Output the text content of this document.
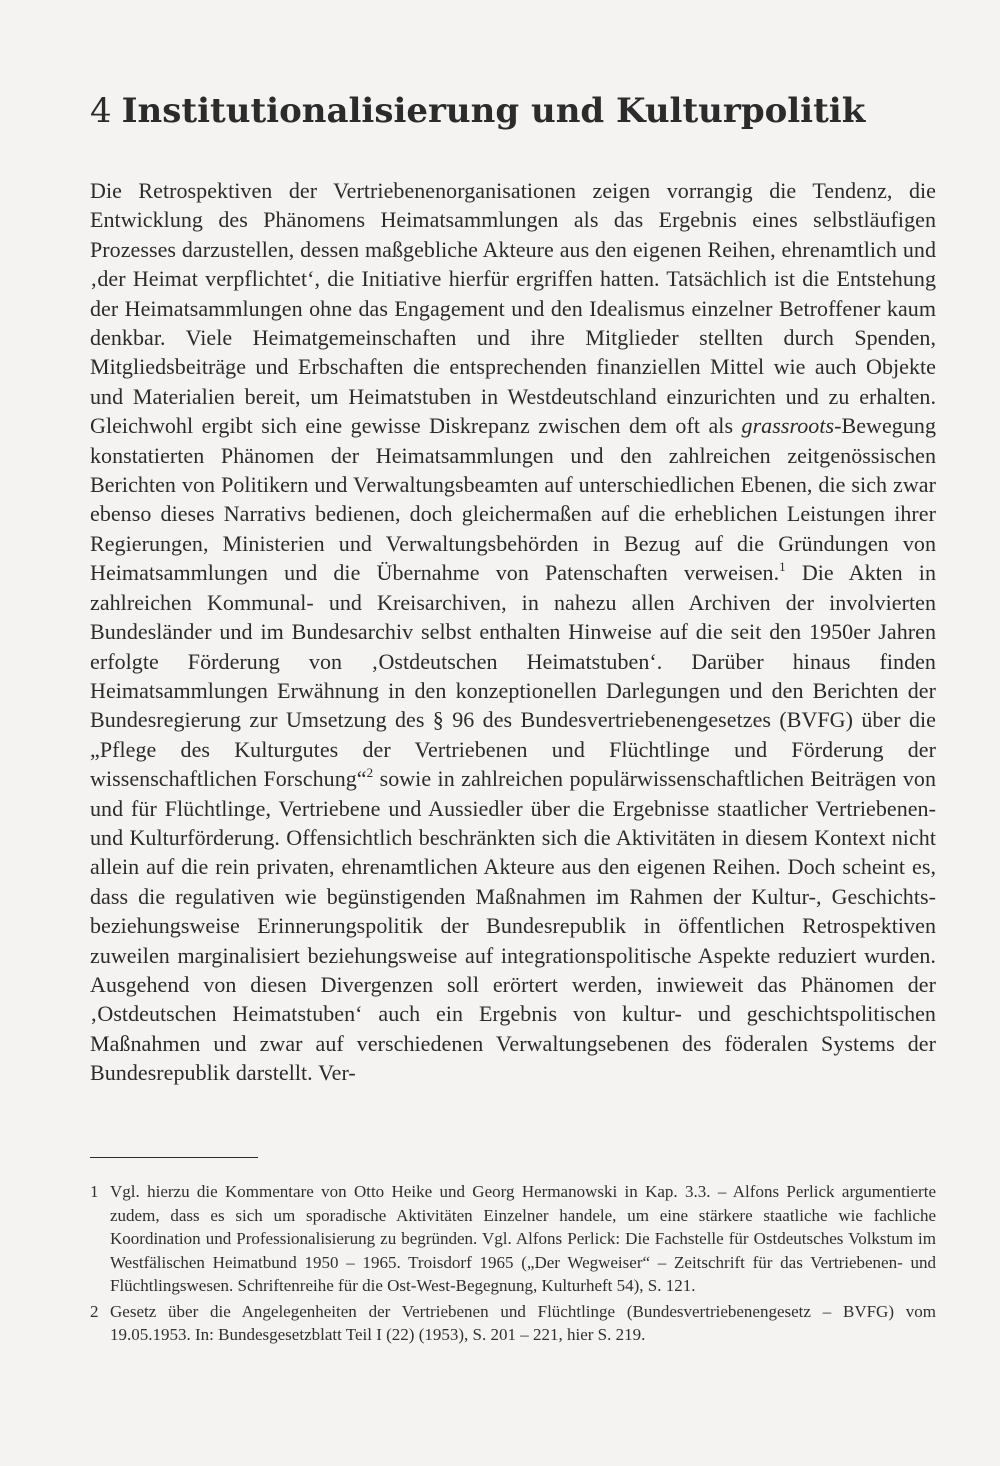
4 Institutionalisierung und Kulturpolitik

Die Retrospektiven der Vertriebenenorganisationen zeigen vorrangig die Tendenz, die Entwicklung des Phänomens Heimatsammlungen als das Ergebnis eines selbstläufigen Prozesses darzustellen, dessen maßgebliche Akteure aus den eigenen Reihen, ehrenamtlich und ‚der Heimat verpflichtet‘, die Initiative hierfür ergriffen hatten. Tatsächlich ist die Entstehung der Heimatsammlungen ohne das Engagement und den Idealismus einzelner Betroffener kaum denkbar. Viele Heimatgemeinschaften und ihre Mitglieder stellten durch Spenden, Mitgliedsbeiträge und Erbschaften die entsprechenden finanziellen Mittel wie auch Objekte und Materialien bereit, um Heimatstuben in Westdeutschland einzurichten und zu erhalten. Gleichwohl ergibt sich eine gewisse Diskrepanz zwischen dem oft als grassroots-Bewegung konstatierten Phänomen der Heimatsammlungen und den zahlreichen zeitgenössischen Berichten von Politikern und Verwaltungsbeamten auf unterschiedlichen Ebenen, die sich zwar ebenso dieses Narrativs bedienen, doch gleichermaßen auf die erheblichen Leistungen ihrer Regierungen, Ministerien und Verwaltungsbehörden in Bezug auf die Gründungen von Heimatsammlungen und die Übernahme von Patenschaften verweisen.$^1$ Die Akten in zahlreichen Kommunal- und Kreisarchiven, in nahezu allen Archiven der involvierten Bundesländer und im Bundesarchiv selbst enthalten Hinweise auf die seit den 1950er Jahren erfolgte Förderung von ‚Ostdeutschen Heimatstuben‘. Darüber hinaus finden Heimatsammlungen Erwähnung in den konzeptionellen Darlegungen und den Berichten der Bundesregierung zur Umsetzung des § 96 des Bundesvertriebenengesetzes (BVFG) über die „Pflege des Kulturgutes der Vertriebenen und Flüchtlinge und Förderung der wissenschaftlichen Forschung“$^2$ sowie in zahlreichen populärwissenschaftlichen Beiträgen von und für Flüchtlinge, Vertriebene und Aussiedler über die Ergebnisse staatlicher Vertriebenen- und Kulturförderung. Offensichtlich beschränkten sich die Aktivitäten in diesem Kontext nicht allein auf die rein privaten, ehrenamtlichen Akteure aus den eigenen Reihen. Doch scheint es, dass die regulativen wie begünstigenden Maßnahmen im Rahmen der Kultur-, Geschichts- beziehungsweise Erinnerungspolitik der Bundesrepublik in öffentlichen Retrospektiven zuweilen marginalisiert beziehungsweise auf integrationspolitische Aspekte reduziert wurden. Ausgehend von diesen Divergenzen soll erörtert werden, inwieweit das Phänomen der ‚Ostdeutschen Heimatstuben‘ auch ein Ergebnis von kultur- und geschichtspolitischen Maßnahmen und zwar auf verschiedenen Verwaltungsebenen des föderalen Systems der Bundesrepublik darstellt. Ver-

1 Vgl. hierzu die Kommentare von Otto Heike und Georg Hermanowski in Kap. 3.3. – Alfons Perlick argumentierte zudem, dass es sich um sporadische Aktivitäten Einzelner handele, um eine stärkere staatliche wie fachliche Koordination und Professionalisierung zu begründen. Vgl. Alfons Perlick: Die Fachstelle für Ostdeutsches Volkstum im Westfälischen Heimatbund 1950 – 1965. Troisdorf 1965 („Der Wegweiser“ – Zeitschrift für das Vertriebenen- und Flüchtlingswesen. Schriftenreihe für die Ost-West-Begegnung, Kulturheft 54), S. 121.

2 Gesetz über die Angelegenheiten der Vertriebenen und Flüchtlinge (Bundesvertriebenengesetz – BVFG) vom 19.05.1953. In: Bundesgesetzblatt Teil I (22) (1953), S. 201 – 221, hier S. 219.
